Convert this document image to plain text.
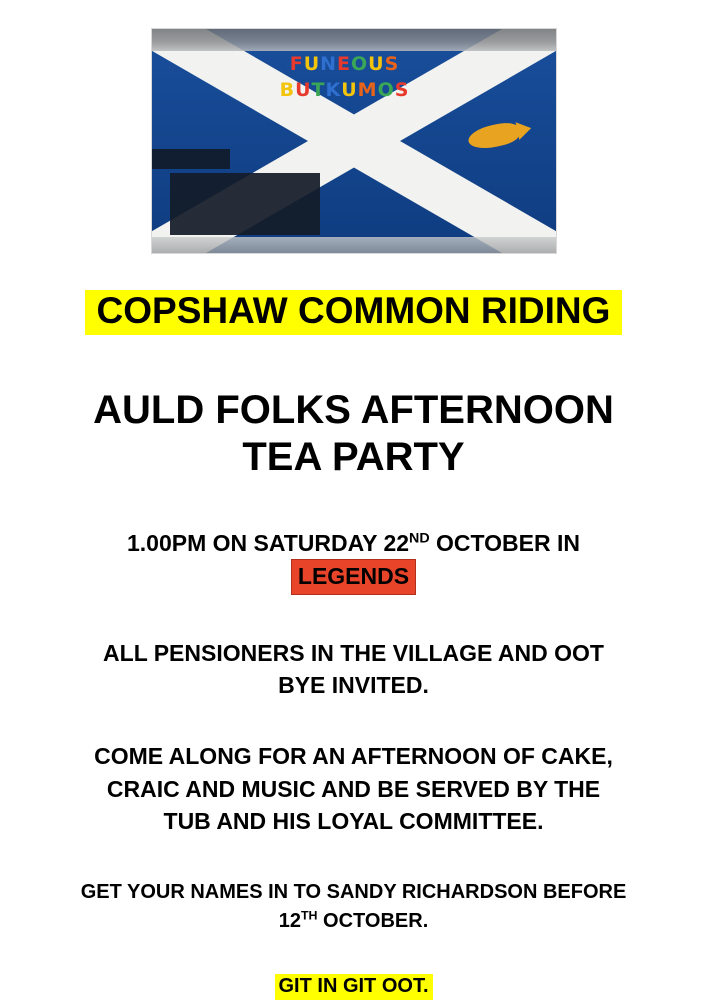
FUNEOUS
BUTKUMOS
COPSHAW COMMON RIDING
AULD FOLKS AFTERNOON
TEA PARTY
1.00PM ON SATURDAY 22ND OCTOBER IN
LEGENDS
ALL PENSIONERS IN THE VILLAGE AND OOT
BYE INVITED.
COME ALONG FOR AN AFTERNOON OF CAKE,
CRAIC AND MUSIC AND BE SERVED BY THE
TUB AND HIS LOYAL COMMITTEE.
GET YOUR NAMES IN TO SANDY RICHARDSON BEFORE
12TH OCTOBER.
GIT IN GIT OOT.
